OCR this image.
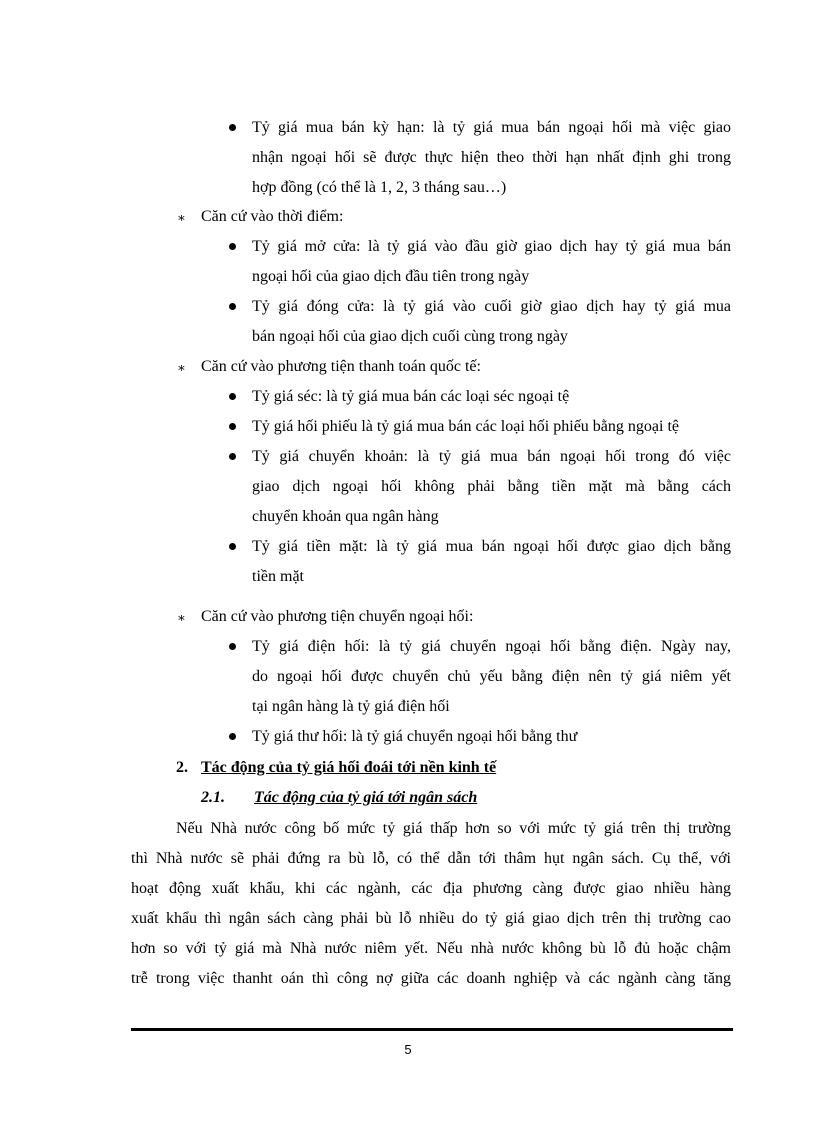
Tỷ giá mua bán kỳ hạn: là tỷ giá mua bán ngoại hối mà việc giao
nhận ngoại hối sẽ được thực hiện theo thời hạn nhất định ghi trong
hợp đồng (có thể là 1, 2, 3 tháng sau…)
∗ Căn cứ vào thời điểm:
Tỷ giá mở cửa: là tỷ giá vào đầu giờ giao dịch hay tỷ giá mua bán
ngoại hối của giao dịch đầu tiên trong ngày
Tỷ giá đóng cửa: là tỷ giá vào cuối giờ giao dịch hay tỷ giá mua
bán ngoại hối của giao dịch cuối cùng trong ngày
∗ Căn cứ vào phương tiện thanh toán quốc tế:
Tỷ giá séc: là tỷ giá mua bán các loại séc ngoại tệ
Tỷ giá hối phiếu là tỷ giá mua bán các loại hối phiếu bằng ngoại tệ
Tỷ giá chuyển khoản: là tỷ giá mua bán ngoại hối trong đó việc
giao dịch ngoại hối không phải bằng tiền mặt mà bằng cách
chuyển khoản qua ngân hàng
Tỷ giá tiền mặt: là tỷ giá mua bán ngoại hối được giao dịch bằng
tiền mặt
∗ Căn cứ vào phương tiện chuyển ngoại hối:
Tỷ giá điện hối: là tỷ giá chuyển ngoại hối bằng điện. Ngày nay,
do ngoại hối được chuyển chủ yếu bằng điện nên tỷ giá niêm yết
tại ngân hàng là tỷ giá điện hối
Tỷ giá thư hối: là tỷ giá chuyển ngoại hối bằng thư
2. Tác động của tỷ giá hối đoái tới nền kinh tế
2.1. Tác động của tỷ giá tới ngân sách
Nếu Nhà nước công bố mức tỷ giá thấp hơn so với mức tỷ giá trên thị trường
thì Nhà nước sẽ phải đứng ra bù lỗ, có thể dẫn tới thâm hụt ngân sách. Cụ thể, với
hoạt động xuất khẩu, khi các ngành, các địa phương càng được giao nhiều hàng
xuất khẩu thì ngân sách càng phải bù lỗ nhiều do tỷ giá giao dịch trên thị trường cao
hơn so với tỷ giá mà Nhà nước niêm yết. Nếu nhà nước không bù lỗ đủ hoặc chậm
trễ trong việc thanht oán thì công nợ giữa các doanh nghiệp và các ngành càng tăng
5
